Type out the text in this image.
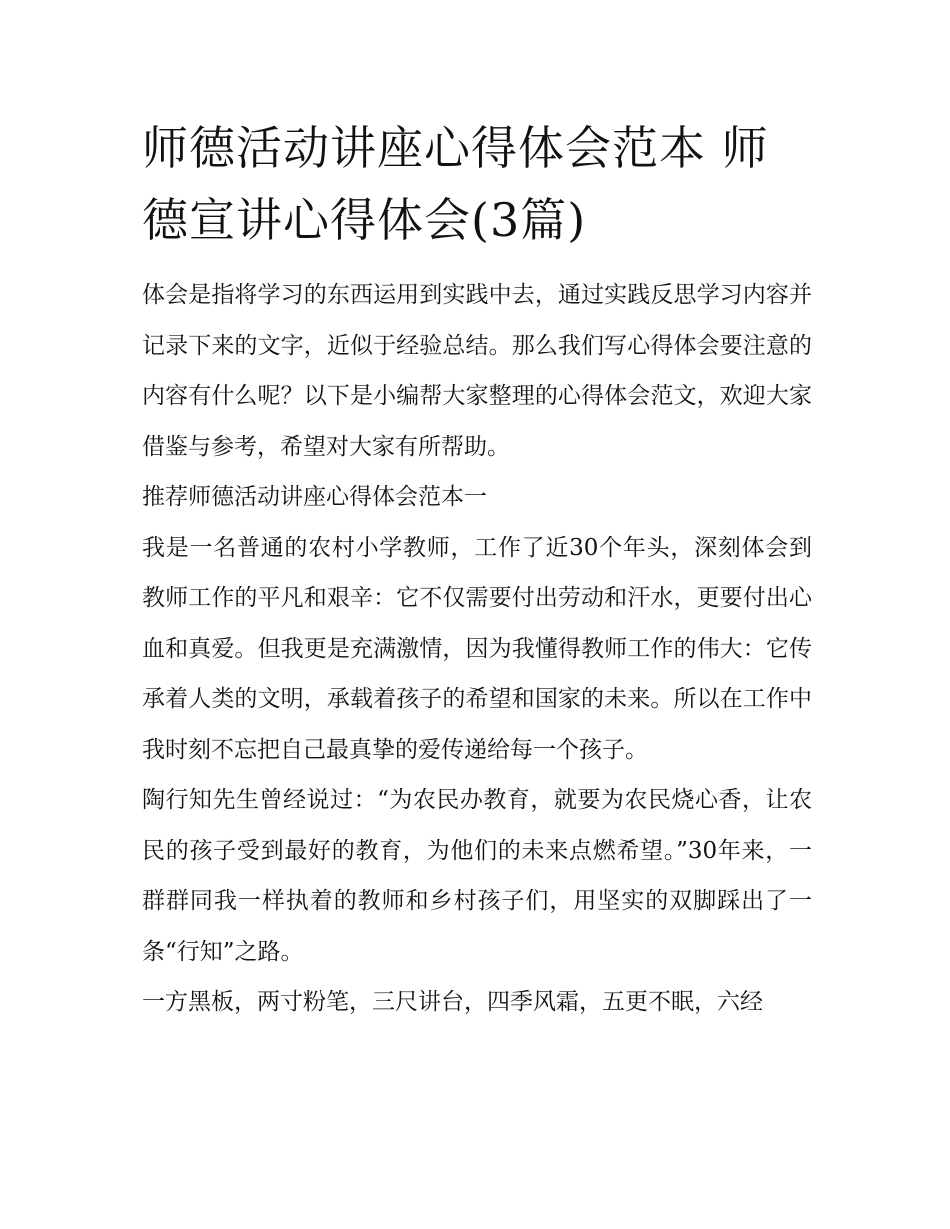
师德活动讲座心得体会范本 师德宣讲心得体会(3篇)

体会是指将学习的东西运用到实践中去，通过实践反思学习内容并记录下来的文字，近似于经验总结。那么我们写心得体会要注意的内容有什么呢？以下是小编帮大家整理的心得体会范文，欢迎大家借鉴与参考，希望对大家有所帮助。

推荐师德活动讲座心得体会范本一

我是一名普通的农村小学教师，工作了近30个年头，深刻体会到教师工作的平凡和艰辛：它不仅需要付出劳动和汗水，更要付出心血和真爱。但我更是充满激情，因为我懂得教师工作的伟大：它传承着人类的文明，承载着孩子的希望和国家的未来。所以在工作中我时刻不忘把自己最真挚的爱传递给每一个孩子。

陶行知先生曾经说过：“为农民办教育，就要为农民烧心香，让农民的孩子受到最好的教育，为他们的未来点燃希望。”30年来，一群群同我一样执着的教师和乡村孩子们，用坚实的双脚踩出了一条“行知”之路。

一方黑板，两寸粉笔，三尺讲台，四季风霜，五更不眠，六经
